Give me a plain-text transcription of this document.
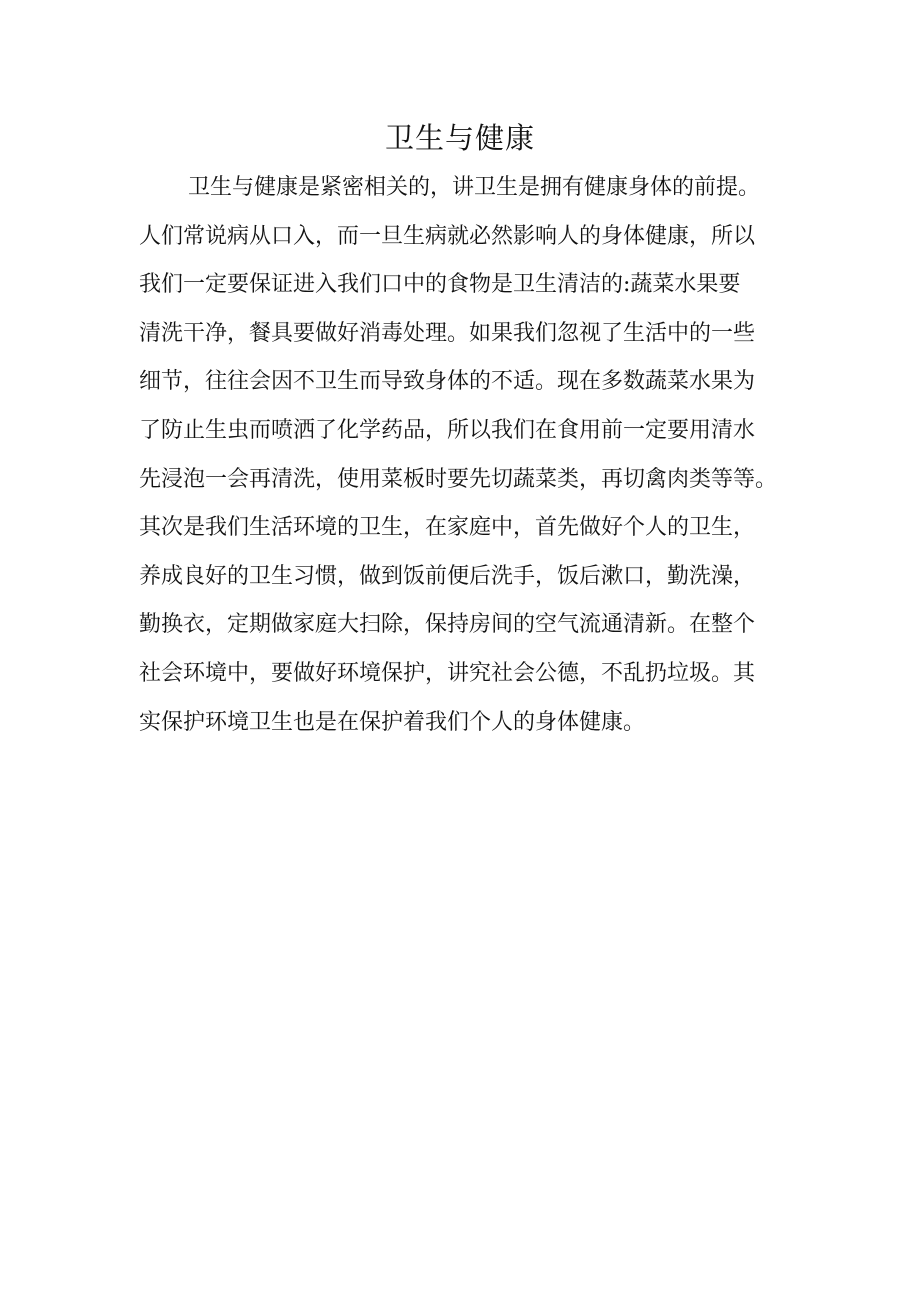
卫生与健康
卫生与健康是紧密相关的，讲卫生是拥有健康身体的前提。
人们常说病从口入，而一旦生病就必然影响人的身体健康，所以
我们一定要保证进入我们口中的食物是卫生清洁的:蔬菜水果要
清洗干净，餐具要做好消毒处理。如果我们忽视了生活中的一些
细节，往往会因不卫生而导致身体的不适。现在多数蔬菜水果为
了防止生虫而喷洒了化学药品，所以我们在食用前一定要用清水
先浸泡一会再清洗，使用菜板时要先切蔬菜类，再切禽肉类等等。
其次是我们生活环境的卫生，在家庭中，首先做好个人的卫生，
养成良好的卫生习惯，做到饭前便后洗手，饭后漱口，勤洗澡，
勤换衣，定期做家庭大扫除，保持房间的空气流通清新。在整个
社会环境中，要做好环境保护，讲究社会公德，不乱扔垃圾。其
实保护环境卫生也是在保护着我们个人的身体健康。
